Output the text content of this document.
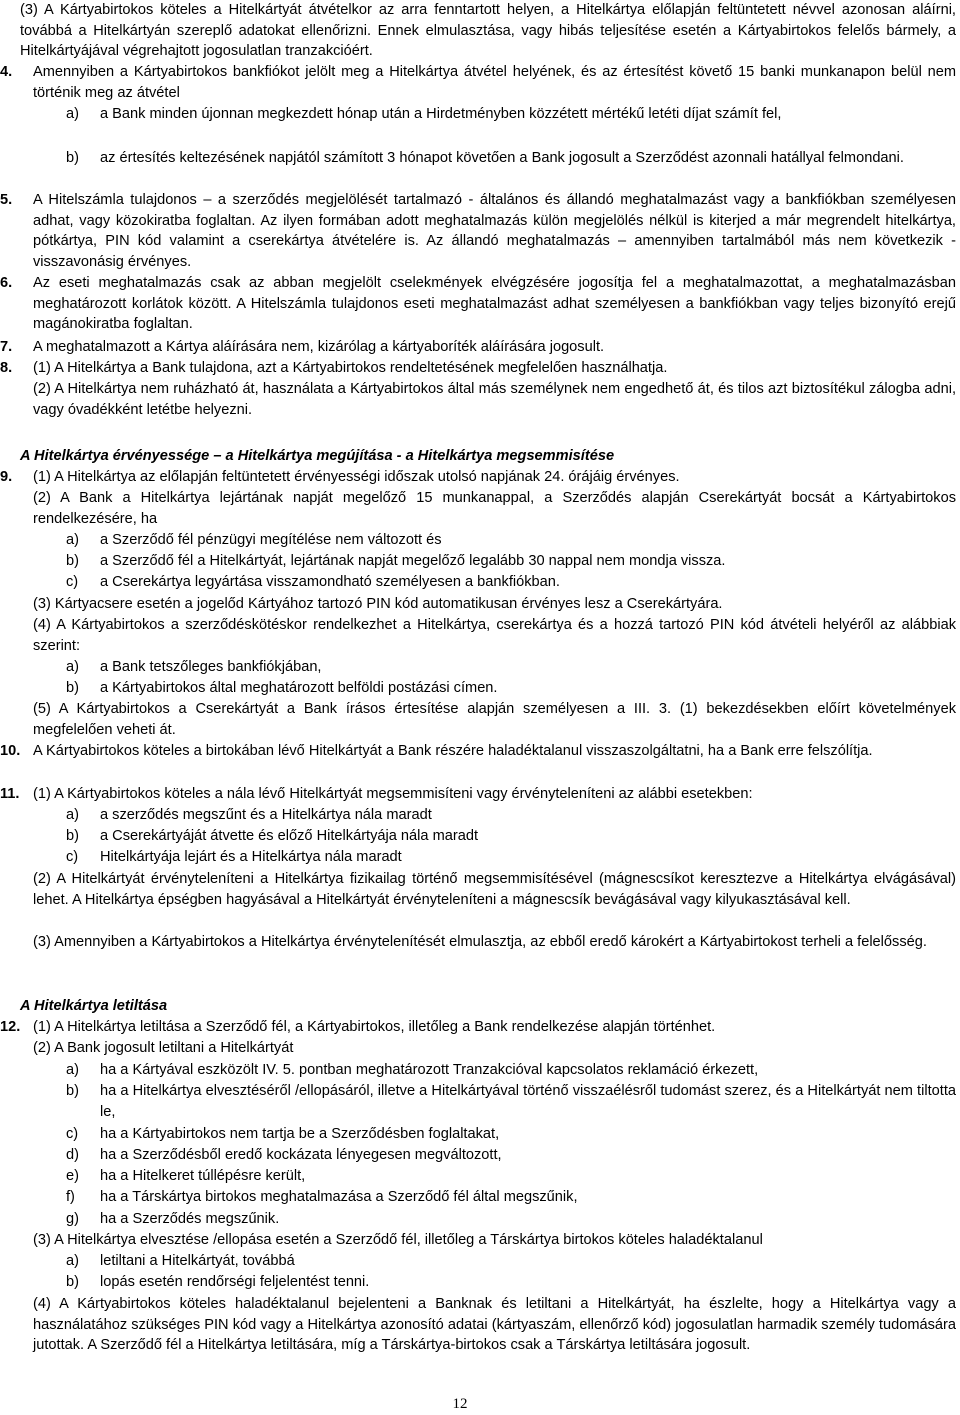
(3) A Kártyabirtokos köteles a Hitelkártyát átvételkor az arra fenntartott helyen, a Hitelkártya előlapján feltüntetett névvel azonosan aláírni, továbbá a Hitelkártyán szereplő adatokat ellenőrizni. Ennek elmulasztása, vagy hibás teljesítése esetén a Kártyabirtokos felelős bármely, a Hitelkártyájával végrehajtott jogosulatlan tranzakcióért.
4. Amennyiben a Kártyabirtokos bankfiókot jelölt meg a Hitelkártya átvétel helyének, és az értesítést követő 15 banki munkanapon belül nem történik meg az átvétel
a) a Bank minden újonnan megkezdett hónap után a Hirdetményben közzétett mértékű letéti díjat számít fel,
b) az értesítés keltezésének napjától számított 3 hónapot követően a Bank jogosult a Szerződést azonnali hatállyal felmondani.
5. A Hitelszámla tulajdonos – a szerződés megjelölését tartalmazó - általános és állandó meghatalmazást vagy a bankfiókban személyesen adhat, vagy közokiratba foglaltan. Az ilyen formában adott meghatalmazás külön megjelölés nélkül is kiterjed a már megrendelt hitelkártya, pótkártya, PIN kód valamint a cserekártya átvételére is. Az állandó meghatalmazás – amennyiben tartalmából más nem következik - visszavonásig érvényes.
6. Az eseti meghatalmazás csak az abban megjelölt cselekmények elvégzésére jogosítja fel a meghatalmazottat, a meghatalmazásban meghatározott korlátok között. A Hitelszámla tulajdonos eseti meghatalmazást adhat személyesen a bankfiókban vagy teljes bizonyító erejű magánokiratba foglaltan.
7. A meghatalmazott a Kártya aláírására nem, kizárólag a kártyaboríték aláírására jogosult.
8. (1) A Hitelkártya a Bank tulajdona, azt a Kártyabirtokos rendeltetésének megfelelően használhatja.
(2) A Hitelkártya nem ruházható át, használata a Kártyabirtokos által más személynek nem engedhető át, és tilos azt biztosítékul zálogba adni, vagy óvadékként letétbe helyezni.
A Hitelkártya érvényessége – a Hitelkártya megújítása - a Hitelkártya megsemmisítése
9. (1) A Hitelkártya az előlapján feltüntetett érvényességi időszak utolsó napjának 24. órájáig érvényes.
(2) A Bank a Hitelkártya lejártának napját megelőző 15 munkanappal, a Szerződés alapján Cserekártyát bocsát a Kártyabirtokos rendelkezésére, ha
a) a Szerződő fél pénzügyi megítélése nem változott és
b) a Szerződő fél a Hitelkártyát, lejártának napját megelőző legalább 30 nappal nem mondja vissza.
c) a Cserekártya legyártása visszamondható személyesen a bankfiókban.
(3) Kártyacsere esetén a jogelőd Kártyához tartozó PIN kód automatikusan érvényes lesz a Cserekártyára.
(4) A Kártyabirtokos a szerződéskötéskor rendelkezhet a Hitelkártya, cserekártya és a hozzá tartozó PIN kód átvételi helyéről az alábbiak szerint:
a) a Bank tetszőleges bankfiókjában,
b) a Kártyabirtokos által meghatározott belföldi postázási címen.
(5) A Kártyabirtokos a Cserekártyát a Bank írásos értesítése alapján személyesen a III. 3. (1) bekezdésekben előírt követelmények megfelelően veheti át.
10. A Kártyabirtokos köteles a birtokában lévő Hitelkártyát a Bank részére haladéktalanul visszaszolgáltatni, ha a Bank erre felszólítja.
11. (1) A Kártyabirtokos köteles a nála lévő Hitelkártyát megsemmisíteni vagy érvényteleníteni az alábbi esetekben:
a) a szerződés megszűnt és a Hitelkártya nála maradt
b) a Cserekártyáját átvette és előző Hitelkártyája nála maradt
c) Hitelkártyája lejárt és a Hitelkártya nála maradt
(2) A Hitelkártyát érvényteleníteni a Hitelkártya fizikailag történő megsemmisítésével (mágnescsíkot keresztezve a Hitelkártya elvágásával) lehet. A Hitelkártya épségben hagyásával a Hitelkártyát érvényteleníteni a mágnescsík bevágásával vagy kilyukasztásával kell.
(3) Amennyiben a Kártyabirtokos a Hitelkártya érvénytelenítését elmulasztja, az ebből eredő károkért a Kártyabirtokost terheli a felelősség.
12. (1) A Hitelkártya letiltása a Szerződő fél, a Kártyabirtokos, illetőleg a Bank rendelkezése alapján történhet.
(2) A Bank jogosult letiltani a Hitelkártyát
a) ha a Kártyával eszközölt IV. 5. pontban meghatározott Tranzakcióval kapcsolatos reklamáció érkezett,
b) ha a Hitelkártya elvesztéséről /ellopásáról, illetve a Hitelkártyával történő visszaélésről tudomást szerez, és a Hitelkártyát nem tiltotta le,
c) ha a Kártyabirtokos nem tartja be a Szerződésben foglaltakat,
d) ha a Szerződésből eredő kockázata lényegesen megváltozott,
e) ha a Hitelkeret túllépésre került,
f) ha a Társkártya birtokos meghatalmazása a Szerződő fél által megszűnik,
g) ha a Szerződés megszűnik.
(3) A Hitelkártya elvesztése /ellopása esetén a Szerződő fél, illetőleg a Társkártya birtokos köteles haladéktalanul
a) letiltani a Hitelkártyát, továbbá
b) lopás esetén rendőrségi feljelentést tenni.
(4) A Kártyabirtokos köteles haladéktalanul bejelenteni a Banknak és letiltani a Hitelkártyát, ha észlelte, hogy a Hitelkártya vagy a használatához szükséges PIN kód vagy a Hitelkártya azonosító adatai (kártyaszám, ellenőrző kód) jogosulatlan harmadik személy tudomására jutottak. A Szerződő fél a Hitelkártya letiltására, míg a Társkártya-birtokos csak a Társkártya letiltására jogosult.
A Hitelkártya letiltása
12
